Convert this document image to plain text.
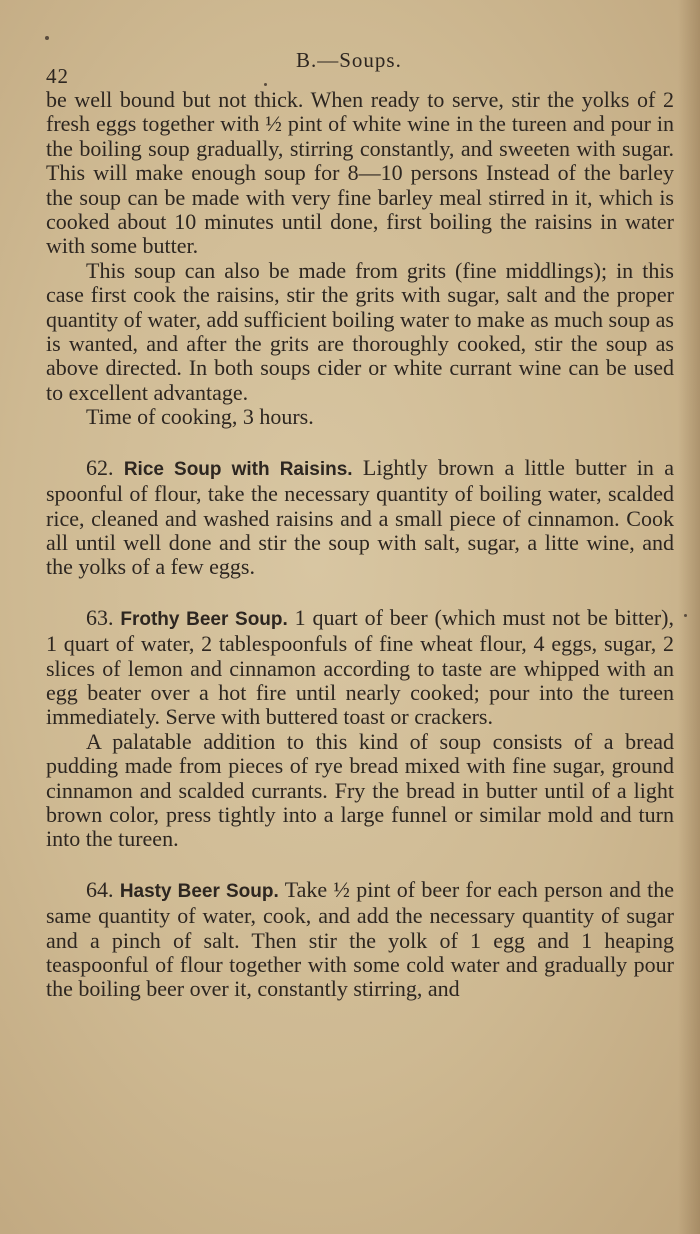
42
B.—Soups.

be well bound but not thick. When ready to serve, stir the yolks of 2 fresh eggs together with ½ pint of white wine in the tureen and pour in the boiling soup gradually, stirring constantly, and sweeten with sugar. This will make enough soup for 8—10 persons Instead of the barley the soup can be made with very fine barley meal stirred in it, which is cooked about 10 minutes until done, first boiling the raisins in water with some butter.

This soup can also be made from grits (fine middlings); in this case first cook the raisins, stir the grits with sugar, salt and the proper quantity of water, add sufficient boiling water to make as much soup as is wanted, and after the grits are thoroughly cooked, stir the soup as above directed. In both soups cider or white currant wine can be used to excellent advantage.

Time of cooking, 3 hours.

62. Rice Soup with Raisins. Lightly brown a little butter in a spoonful of flour, take the necessary quantity of boiling water, scalded rice, cleaned and washed raisins and a small piece of cinnamon. Cook all until well done and stir the soup with salt, sugar, a litte wine, and the yolks of a few eggs.

63. Frothy Beer Soup. 1 quart of beer (which must not be bitter), 1 quart of water, 2 tablespoonfuls of fine wheat flour, 4 eggs, sugar, 2 slices of lemon and cinnamon according to taste are whipped with an egg beater over a hot fire until nearly cooked; pour into the tureen immediately. Serve with buttered toast or crackers.

A palatable addition to this kind of soup consists of a bread pudding made from pieces of rye bread mixed with fine sugar, ground cinnamon and scalded currants. Fry the bread in butter until of a light brown color, press tightly into a large funnel or similar mold and turn into the tureen.

64. Hasty Beer Soup. Take ½ pint of beer for each person and the same quantity of water, cook, and add the necessary quantity of sugar and a pinch of salt. Then stir the yolk of 1 egg and 1 heaping teaspoonful of flour together with some cold water and gradually pour the boiling beer over it, constantly stirring, and
